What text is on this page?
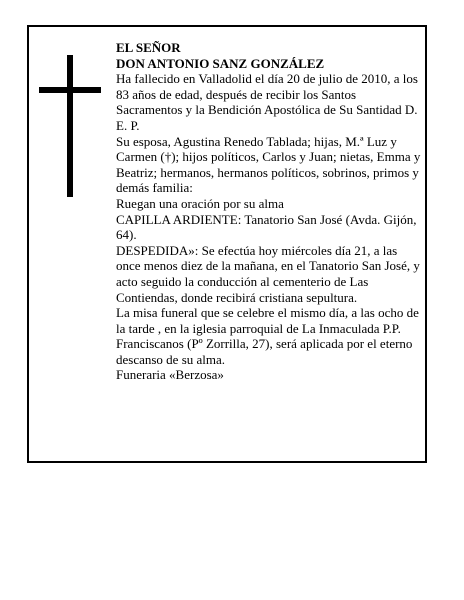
EL SEÑOR

DON ANTONIO SANZ GONZÁLEZ

Ha fallecido en Valladolid el día 20 de julio de 2010, a los 83 años de edad, después de recibir los Santos Sacramentos y la Bendición Apostólica de Su Santidad D. E. P.

Su esposa, Agustina Renedo Tablada; hijas, M.ª Luz y Carmen (†); hijos políticos, Carlos y Juan; nietas, Emma y Beatriz; hermanos, hermanos políticos, sobrinos, primos y demás familia:

Ruegan una oración por su alma

CAPILLA ARDIENTE: Tanatorio San José (Avda. Gijón, 64).

DESPEDIDA»: Se efectúa hoy miércoles día 21, a las once menos diez de la mañana, en el Tanatorio San José, y acto seguido la conducción al cementerio de Las Contiendas, donde recibirá cristiana sepultura.

La misa funeral que se celebre el mismo día, a las ocho de la tarde , en la iglesia parroquial de La Inmaculada P.P. Franciscanos (Pº Zorrilla, 27), será aplicada por el eterno descanso de su alma.

Funeraria «Berzosa»
